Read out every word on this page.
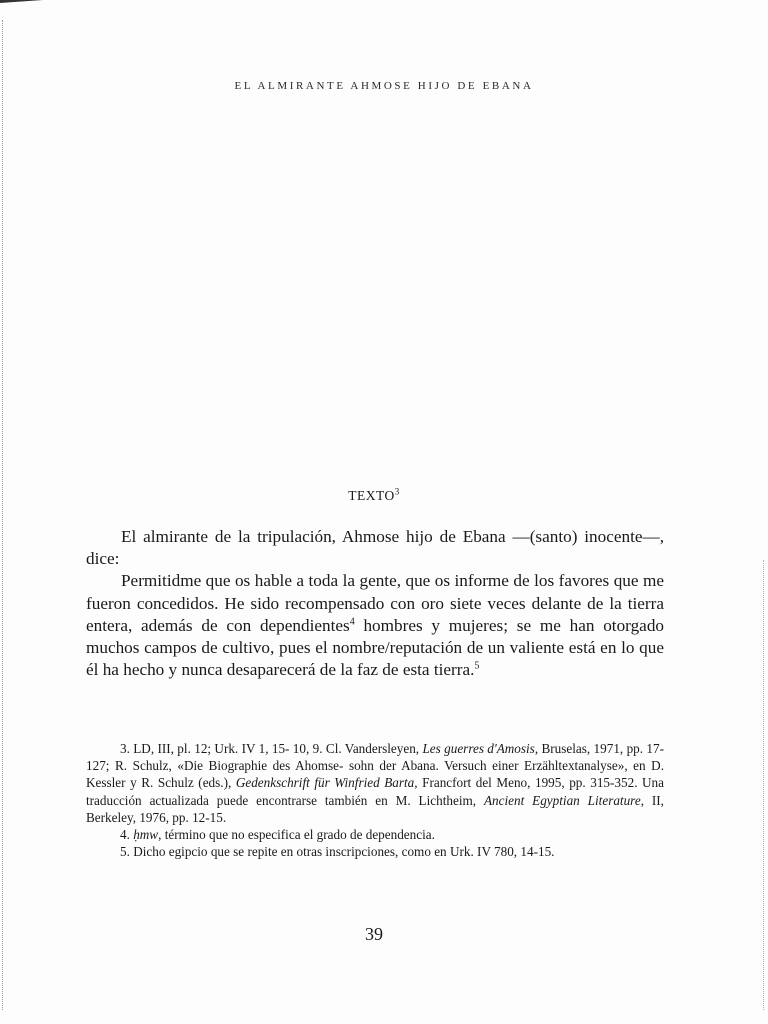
EL ALMIRANTE AHMOSE HIJO DE EBANA
TEXTO$^3$

El almirante de la tripulación, Ahmose hijo de Ebana —(santo) inocente—, dice:

Permitidme que os hable a toda la gente, que os informe de los favores que me fueron concedidos. He sido recompensado con oro siete veces delante de la tierra entera, además de con dependientes$^4$ hombres y mujeres; se me han otorgado muchos campos de cultivo, pues el nombre/reputación de un valiente está en lo que él ha hecho y nunca desaparecerá de la faz de esta tierra.$^5$

3. LD, III, pl. 12; Urk. IV 1, 15- 10, 9. Cl. Vandersleyen, Les guerres d'Amosis, Bruselas, 1971, pp. 17-127; R. Schulz, «Die Biographie des Ahomse- sohn der Abana. Versuch einer Erzähltextanalyse», en D. Kessler y R. Schulz (eds.), Gedenkschrift für Winfried Barta, Francfort del Meno, 1995, pp. 315-352. Una traducción actualizada puede encontrarse también en M. Lichtheim, Ancient Egyptian Literature, II, Berkeley, 1976, pp. 12-15.

4. ḥmw, término que no especifica el grado de dependencia.

5. Dicho egipcio que se repite en otras inscripciones, como en Urk. IV 780, 14-15.

39
